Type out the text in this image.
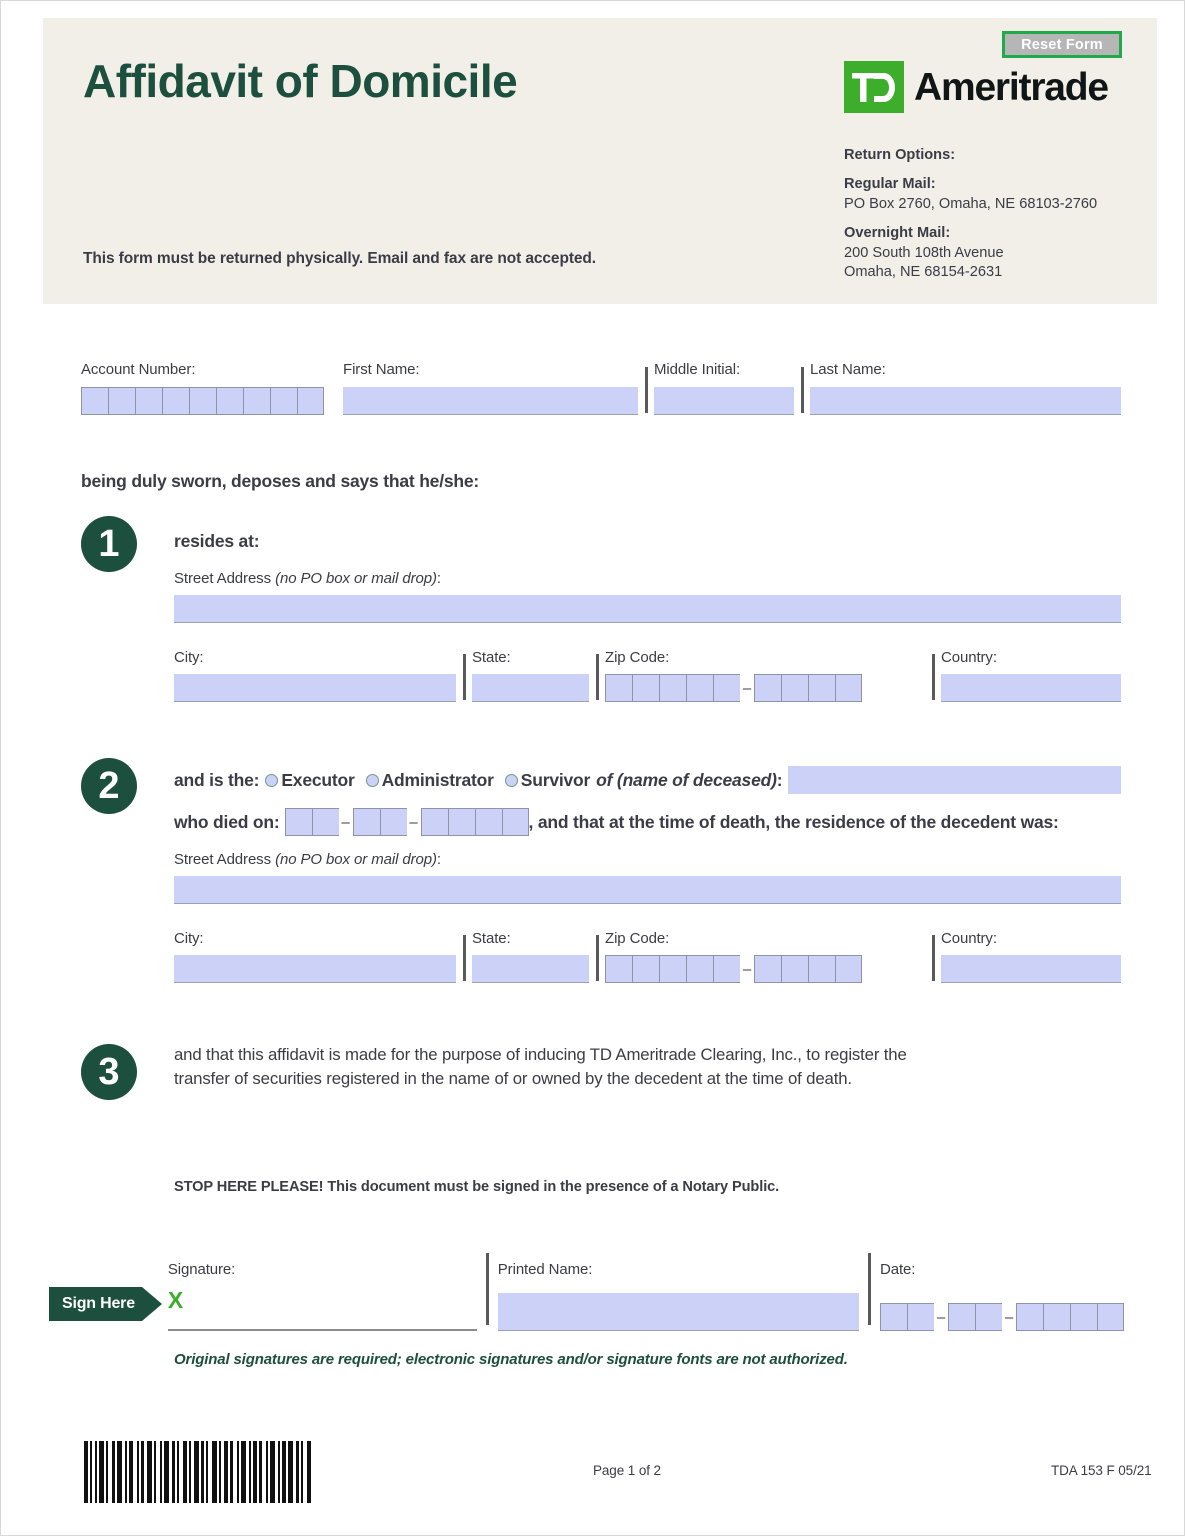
Affidavit of Domicile
This form must be returned physically. Email and fax are not accepted.
Reset Form
Ameritrade
Return Options:
Regular Mail:
PO Box 2760, Omaha, NE 68103-2760
Overnight Mail:
200 South 108th Avenue
Omaha, NE 68154-2631
Account Number:	First Name:	Middle Initial:	Last Name:
being duly sworn, deposes and says that he/she:
1	resides at:
Street Address (no PO box or mail drop):
City:	State:	Zip Code:
–
Country:
2	and is the: Executor Administrator Survivor of (name of deceased) :
who died on:	–	–	, and that at the time of death, the residence of the decedent was:
Street Address (no PO box or mail drop):
City:	State:	Zip Code:
–
Country:
3	and that this affidavit is made for the purpose of inducing TD Ameritrade Clearing, Inc., to register the
transfer of securities registered in the name of or owned by the decedent at the time of death.
STOP HERE PLEASE! This document must be signed in the presence of a Notary Public.
Sign Here
Signature:
X
Printed Name:	Date:
–	–
Original signatures are required; electronic signatures and/or signature fonts are not authorized.
Page 1 of 2	TDA 153 F 05/21
